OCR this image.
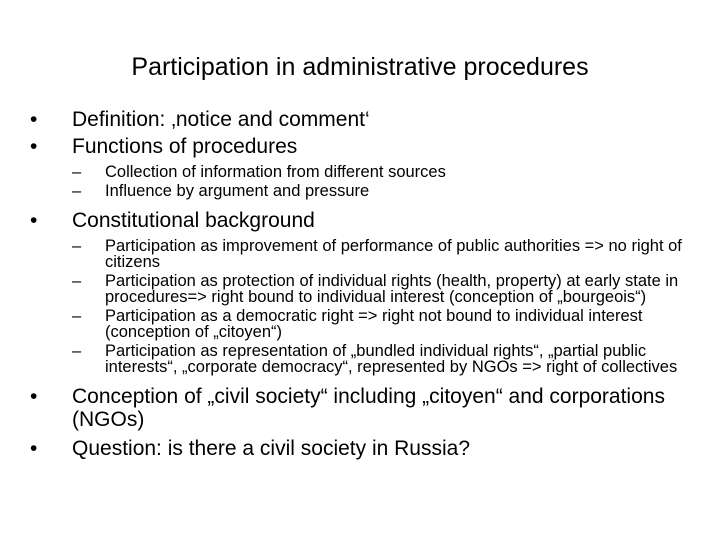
Participation in administrative procedures
•	Definition: ‚notice and comment‘
•	Functions of procedures
–	Collection of information from different sources
–	Influence by argument and pressure
•	Constitutional background
–	Participation as improvement of performance of public authorities => no right of citizens
–	Participation as protection of individual rights (health, property) at early state in procedures=> right bound to individual interest (conception of „bourgeois“)
–	Participation as a democratic right => right not bound to individual interest (conception of „citoyen“)
–	Participation as representation of „bundled individual rights“, „partial public interests“, „corporate democracy“, represented by NGOs => right of collectives
•	Conception of „civil society“ including „citoyen“ and corporations (NGOs)
•	Question: is there a civil society in Russia?
